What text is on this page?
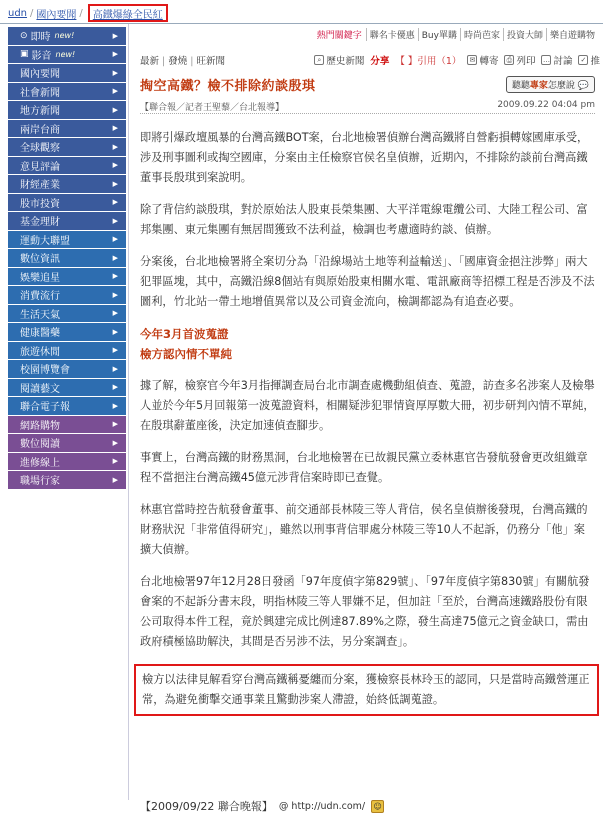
udn / 國內要聞 / 高鐵爆綠全民紅
⊙ 即時 new!	▶
▣ 影音 new!	▶
國內要聞	▶
社會新聞	▶
地方新聞	▶
兩岸台商	▶
全球觀察	▶
意見評論	▶
財經產業	▶
股市投資	▶
基金理財	▶
運動大聯盟	▶
數位資訊	▶
娛樂追星	▶
消費流行	▶
生活天氣	▶
健康醫藥	▶
旅遊休閒	▶
校園博覽會	▶
閱讀藝文	▶
聯合電子報	▶
網路購物	▶
數位閱讀	▶
進修線上	▶
職場行家	▶
熱門關鍵字 聯名卡優惠 Buy單購 時尚芭家 投資大師 樂自遊購物
最新 | 發燒 | 旺新聞	⌕ 歷史新聞 分享 【 】引用（1） ✉ 轉寄	⎙ 列印 … 討論 ✓ 推
掏空高鐵？檢不排除約談殷琪	聽聽專家怎麼說 💬
【聯合報／記者王聖藜／台北報導】	2009.09.22 04:04 pm

即將引爆政壇風暴的台灣高鐵BOT案，台北地檢署偵辦台灣高鐵將自營虧損轉嫁國庫承受，涉及刑事圖利或掏空國庫，分案由主任檢察官侯名皇偵辦，近期內，不排除約談前台灣高鐵董事長殷琪到案說明。

除了背信約談殷琪，對於原始法人股東長榮集團、大平洋電線電纜公司、大陸工程公司、富邦集團、東元集團有無居間獲致不法利益，檢調也考慮適時約談、偵辦。

分案後，台北地檢署將全案切分為「沿線場站土地等利益輸送」、「國庫資金挹注涉弊」兩大犯罪區塊，其中，高鐵沿線8個站有與原始股東相關水電、電訊廠商等招標工程是否涉及不法圖利，竹北站一帶土地增值異常以及公司資金流向，檢調都認為有追查必要。

今年3月首波蒐證
檢方認內情不單純

據了解，檢察官今年3月指揮調查局台北市調查處機動組偵查、蒐證，訪查多名涉案人及檢舉人並於今年5月回報第一波蒐證資料，相關疑涉犯罪情資厚厚數大冊，初步研判內情不單純，在殷琪辭董座後，決定加速偵查腳步。

事實上，台灣高鐵的財務黑洞，台北地檢署在已故親民黨立委林惠官告發航發會更改組織章程不當挹注台灣高鐵45億元涉背信案時即已查覺。

林惠官當時控告航發會董事、前交通部長林陵三等人背信，侯名皇偵辦後發現，台灣高鐵的財務狀況「非常值得研究」，雖然以刑事背信罪處分林陵三等10人不起訴，仍務分「他」案擴大偵辦。

台北地檢署97年12月28日發函「97年度偵字第829號」、「97年度偵字第830號」有關航發會案的不起訴分書末段，明指林陵三等人罪嫌不足，但加註「至於，台灣高速鐵路股份有限公司取得本件工程，竟於興建完成比例達87.89%之際，發生高達75億元之資金缺口，需由政府積極協助解決，其間是否另涉不法，另分案調查」。

檢方以法律見解看穿台灣高鐵稱憂纏而分案，獲檢察長林玲玉的認同，只是當時高鐵營運正常，為避免衝擊交通事業且驚動涉案人滯證，始終低調蒐證。

【2009/09/22 聯合晚報】 @ http://udn.com/ ☺
